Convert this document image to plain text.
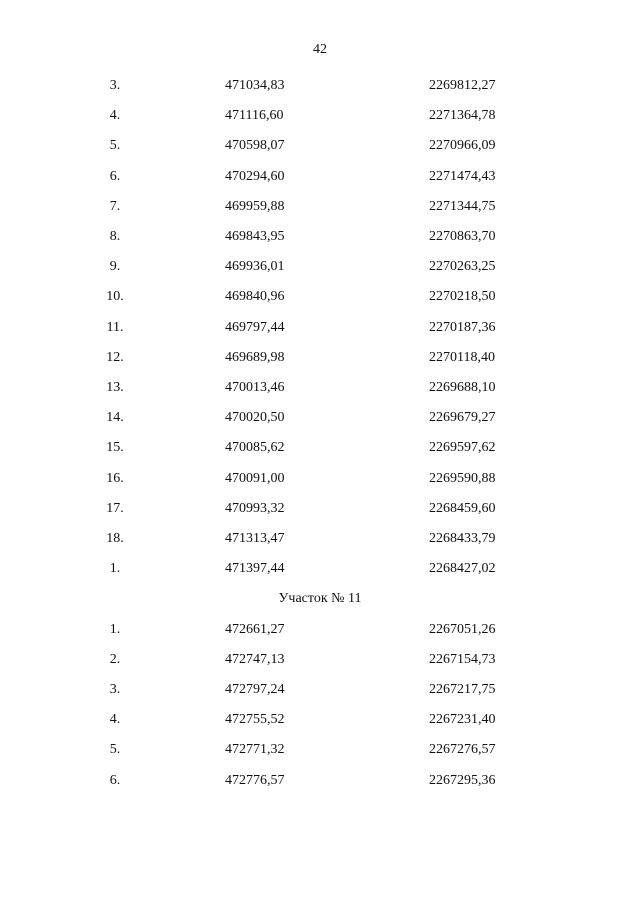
42
3.	471034,83	2269812,27
4.	471116,60	2271364,78
5.	470598,07	2270966,09
6.	470294,60	2271474,43
7.	469959,88	2271344,75
8.	469843,95	2270863,70
9.	469936,01	2270263,25
10.	469840,96	2270218,50
11.	469797,44	2270187,36
12.	469689,98	2270118,40
13.	470013,46	2269688,10
14.	470020,50	2269679,27
15.	470085,62	2269597,62
16.	470091,00	2269590,88
17.	470993,32	2268459,60
18.	471313,47	2268433,79
1.	471397,44	2268427,02
Участок № 11
1.	472661,27	2267051,26
2.	472747,13	2267154,73
3.	472797,24	2267217,75
4.	472755,52	2267231,40
5.	472771,32	2267276,57
6.	472776,57	2267295,36
